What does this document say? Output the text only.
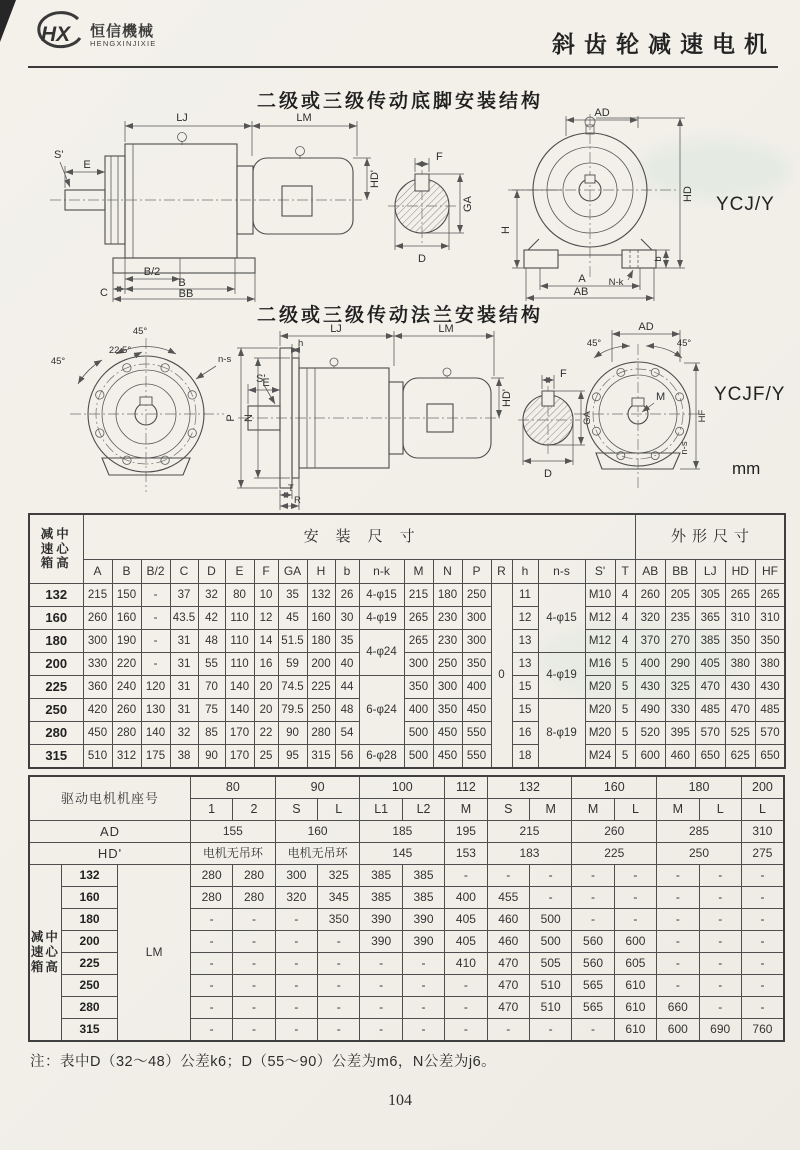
HX 恒信機械
HENGXINJIXIE	斜齿轮减速电机
二级或三级传动底脚安装结构
LJ	LM
E
S'
HD'
B/2
C
B
BB
F
GA
D
AD
H
HD
b
N-k
A
AB
YCJ/Y
二级或三级传动法兰安装结构
45°
45°
22.5°
n-s
LJ	LM
h
S'
E
P N
HD'
T
R
F
GA
D
AD
45°	45°
M
HF
n-s
YCJF/Y
mm
减中
速心
箱高	安装尺寸																			外形尺寸				
	A	B	B/2	C	D	E	F	GA	H	b	n-k	M	N	P	R	h	n-s	S'	T	AB	BB	LJ	HD	HF
132	215	150	-	37	32	80	10	35	132	26	4-φ15	215	180	250	0	11	4-φ15	M10	4	260	205	305	265	265
160	260	160	-	43.5	42	110	12	45	160	30	4-φ19	265	230	300		12		M12	4	320	235	365	310	310
180	300	190	-	31	48	110	14	51.5	180	35	4-φ24	265	230	300		13		M12	4	370	270	385	350	350
200	330	220	-	31	55	110	16	59	200	40		300	250	350		13	4-φ19	M16	5	400	290	405	380	380
225	360	240	120	31	70	140	20	74.5	225	44	6-φ24	350	300	400		15		M20	5	430	325	470	430	430
250	420	260	130	31	75	140	20	79.5	250	48		400	350	450		15	8-φ19	M20	5	490	330	485	470	485
280	450	280	140	32	85	170	22	90	280	54		500	450	550		16		M20	5	520	395	570	525	570
315	510	312	175	38	90	170	25	95	315	56	6-φ28	500	450	550		18		M24	5	600	460	650	625	650
驱动电机机座号			80		90		100		112	132		160		180		200
			1	2	S	L	L1	L2	M	S	M	M	L	M	L	L
AD			155		160		185		195	215		260		285		310
HD'			电机无吊环		电机无吊环		145		153	183		225		250		275

减中
速心
箱高	132	LM	280	280	300	325	385	385	-	-	-	-	-	-	-	-
	160		280	280	320	345	385	385	400	455	-	-	-	-	-	-
	180		-	-	-	350	390	390	405	460	500	-	-	-	-	-
	200		-	-	-	-	390	390	405	460	500	560	600	-	-	-
	225		-	-	-	-	-	-	410	470	505	560	605	-	-	-
	250		-	-	-	-	-	-	-	470	510	565	610	-	-	-
	280		-	-	-	-	-	-	-	470	510	565	610	660	-	-
	315		-	-	-	-	-	-	-	-	-	-	610	600	690	760
注：表中D（32～48）公差k6；D（55～90）公差为m6，N公差为j6。
104
